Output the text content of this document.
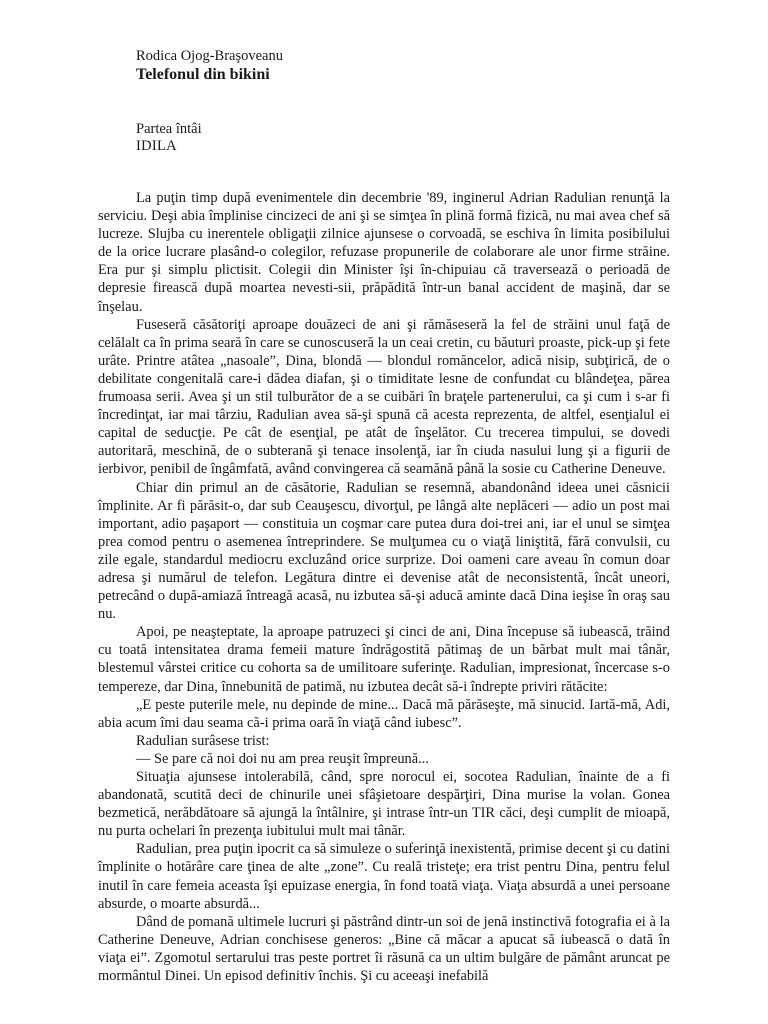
Rodica Ojog-Braşoveanu
Telefonul din bikini
Partea întâi
IDILA

La puţin timp după evenimentele din decembrie '89, inginerul Adrian Radulian renunţă la serviciu. Deşi abia împlinise cincizeci de ani şi se simţea în plină formă fizică, nu mai avea chef să lucreze. Slujba cu inerentele obligaţii zilnice ajunsese o corvoadă, se eschiva în limita posibilului de la orice lucrare plasând-o colegilor, refuzase propunerile de colaborare ale unor firme străine. Era pur şi simplu plictisit. Colegii din Minister îşi în-chipuiau că traversează o perioadă de depresie firească după moartea nevesti-sii, prăpădită într-un banal accident de maşină, dar se înşelau.

Fuseseră căsătoriţi aproape douăzeci de ani şi rămăseseră la fel de străini unul faţă de celălalt ca în prima seară în care se cunoscuseră la un ceai cretin, cu băuturi proaste, pick-up şi fete urâte. Printre atâtea „nasoale”, Dina, blondă — blondul romăncelor, adică nisip, subţirică, de o debilitate congenitală care-i dădea diafan, şi o timiditate lesne de confundat cu blândeţea, părea frumoasa serii. Avea şi un stil tulburător de a se cuibări în braţele partenerului, ca şi cum i s-ar fi încredinţat, iar mai târziu, Radulian avea să-şi spună că acesta reprezenta, de altfel, esenţialul ei capital de seducţie. Pe cât de esenţial, pe atât de înşelător. Cu trecerea timpului, se dovedi autoritară, meschină, de o subterană şi tenace insolenţă, iar în ciuda nasului lung şi a figurii de ierbivor, penibil de îngâmfată, având convingerea că seamănă până la sosie cu Catherine Deneuve.

Chiar din primul an de căsătorie, Radulian se resemnă, abandonând ideea unei căsnicii împlinite. Ar fi părăsit-o, dar sub Ceauşescu, divorţul, pe lângă alte neplăceri — adio un post mai important, adio paşaport — constituia un coşmar care putea dura doi-trei ani, iar el unul se simţea prea comod pentru o asemenea întreprindere. Se mulţumea cu o viaţă liniştită, fără convulsii, cu zile egale, standardul mediocru excluzând orice surprize. Doi oameni care aveau în comun doar adresa şi numărul de telefon. Legătura dintre ei devenise atât de neconsistentă, încât uneori, petrecând o după-amiază întreagă acasă, nu izbutea să-şi aducă aminte dacă Dina ieşise în oraş sau nu.

Apoi, pe neaşteptate, la aproape patruzeci şi cinci de ani, Dina începuse să iubească, trăind cu toată intensitatea drama femeii mature îndrăgostită pătimaş de un bărbat mult mai tânăr, blestemul vârstei critice cu cohorta sa de umilitoare suferinţe. Radulian, impresionat, încercase s-o tempereze, dar Dina, înnebunită de patimă, nu izbutea decât să-i îndrepte priviri rătăcite:

„E peste puterile mele, nu depinde de mine... Dacă mă părăseşte, mă sinucid. Iartă-mă, Adi, abia acum îmi dau seama că-i prima oară în viaţă când iubesc”.

Radulian surâsese trist:

— Se pare că noi doi nu am prea reuşit împreună...

Situaţia ajunsese intolerabilă, când, spre norocul ei, socotea Radulian, înainte de a fi abandonată, scutită deci de chinurile unei sfâşietoare despărţiri, Dina murise la volan. Gonea bezmetică, nerăbdătoare să ajungă la întâlnire, şi intrase într-un TIR căci, deşi cumplit de mioapă, nu purta ochelari în prezenţa iubitului mult mai tânăr.

Radulian, prea puţin ipocrit ca să simuleze o suferinţă inexistentă, primise decent şi cu datini împlinite o hotărâre care ţinea de alte „zone”. Cu reală tristeţe; era trist pentru Dina, pentru felul inutil în care femeia aceasta îşi epuizase energia, în fond toată viaţa. Viaţa absurdă a unei persoane absurde, o moarte absurdă...

Dând de pomană ultimele lucruri şi păstrând dintr-un soi de jenă instinctivă fotografia ei à la Catherine Deneuve, Adrian conchisese generos: „Bine că măcar a apucat să iubească o dată în viaţa ei”. Zgomotul sertarului tras peste portret îi răsună ca un ultim bulgăre de pământ aruncat pe mormântul Dinei. Un episod definitiv închis. Şi cu aceeaşi inefabilă
